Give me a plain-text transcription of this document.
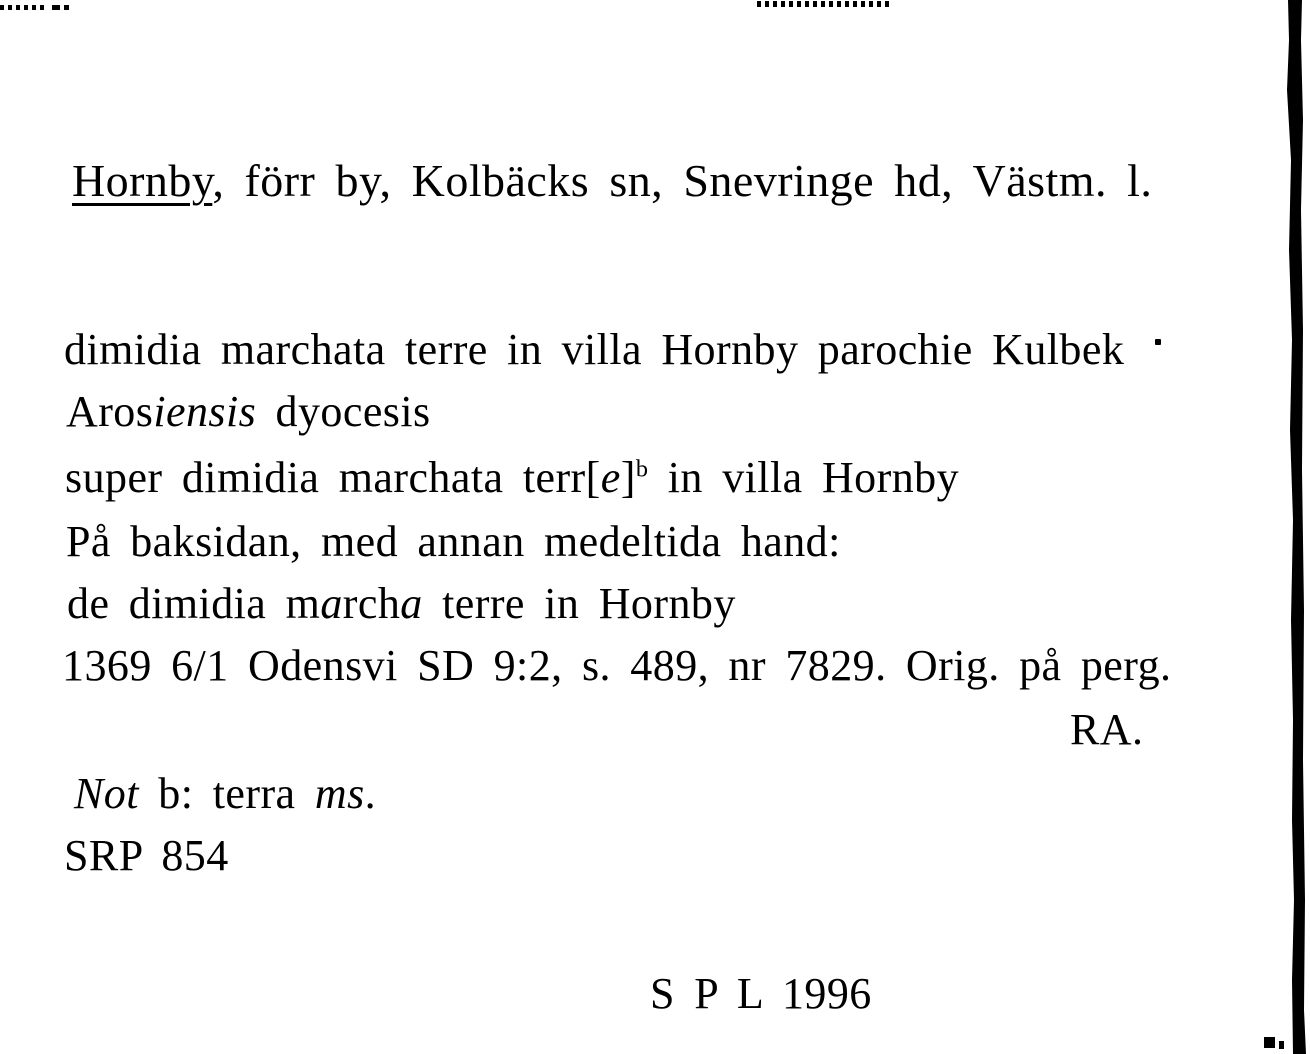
Hornby, förr by, Kolbäcks sn, Snevringe hd, Västm. l.
dimidia marchata terre in villa Hornby parochie Kulbek
Arosiensis dyocesis
super dimidia marchata terr[e]$^b$ in villa Hornby
På baksidan, med annan medeltida hand:
de dimidia marcha terre in Hornby
1369 6/1 Odensvi SD 9:2, s. 489, nr 7829. Orig. på perg.
RA.
Not b: terra ms.
SRP 854
S P L 1996
